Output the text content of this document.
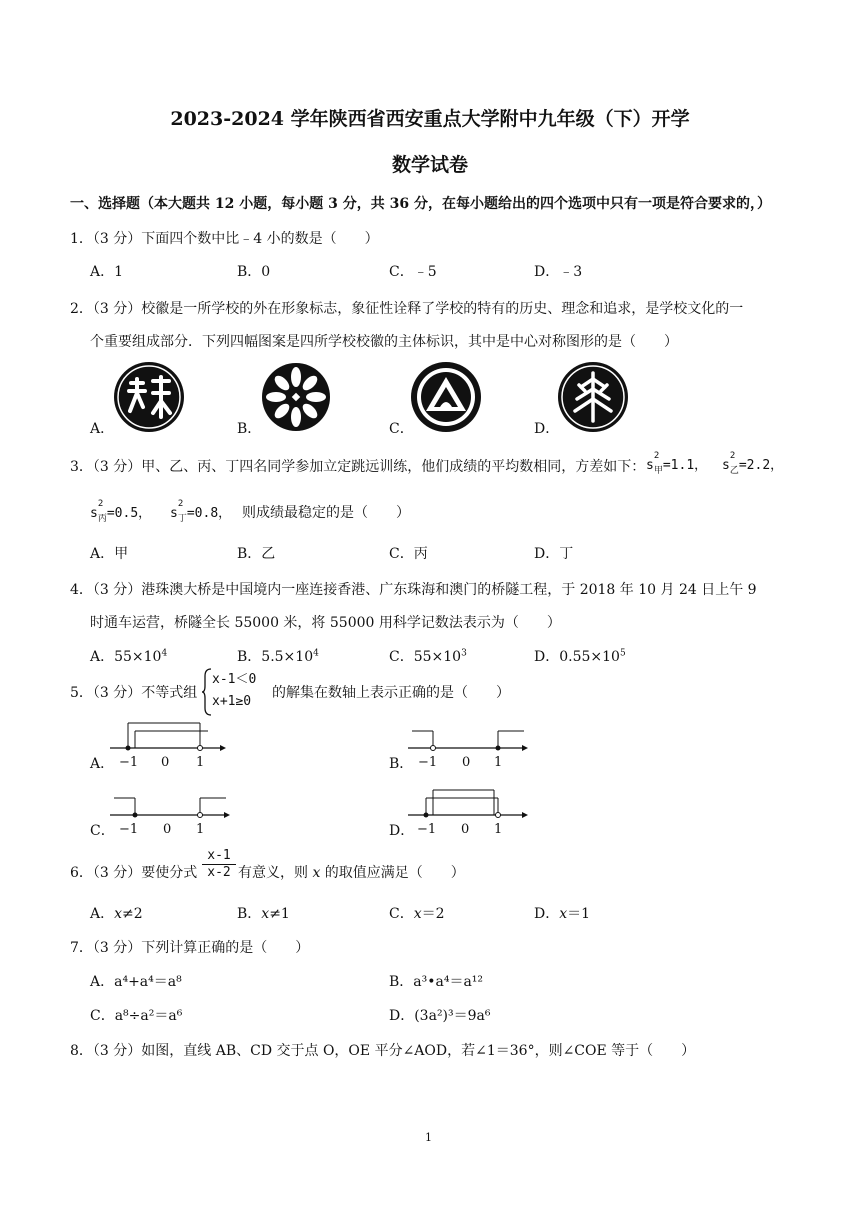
2023-2024 学年陕西省西安重点大学附中九年级（下）开学
数学试卷
一、选择题（本大题共 12 小题，每小题 3 分，共 36 分，在每小题给出的四个选项中只有一项是符合要求的，）
1．（3 分）下面四个数中比﹣4 小的数是（　　）
A．1	B．0	C．﹣5	D．﹣3
2．（3 分）校徽是一所学校的外在形象标志，象征性诠释了学校的特有的历史、理念和追求，是学校文化的一
个重要组成部分．下列四幅图案是四所学校校徽的主体标识，其中是中心对称图形的是（　　）
A．	B．	C．	D．
3．（3 分）甲、乙、丙、丁四名同学参加立定跳远训练，他们成绩的平均数相同，方差如下： s
2
$_甲$=1.1， s
2
$_乙$=2.2，
s
2
$_丙$=0.5， s
2
$_丁$=0.8， 则成绩最稳定的是（　　）
A．甲	B．乙	C．丙	D．丁
4．（3 分）港珠澳大桥是中国境内一座连接香港、广东珠海和澳门的桥隧工程，于 2018 年 10 月 24 日上午 9
时通车运营，桥隧全长 55000 米，将 55000 用科学记数法表示为（　　）
A．$55\times 10^4$	B．$5.5\times 10^4$	C．$55\times 10^3$	D．$0.55\times 10^5$
5．（3 分）不等式组
x-1＜0
x+1≥0
的解集在数轴上表示正确的是（　　）
A． −1 0 1	B． −1 0 1
C． −1 0 1	D． −1 0 1
6．（3 分）要使分式 $\frac{x-1}{x-2}$ 有意义，则 x 的取值应满足（　　）
A．x≠2	B．x≠1	C．x＝2	D．x＝1
7．（3 分）下列计算正确的是（　　）
A．a⁴+a⁴＝a⁸	B．a³•a⁴＝a¹²
C．a⁸÷a²＝a⁶	D．(3a²)³＝9a⁶
8．（3 分）如图，直线 AB、CD 交于点 O，OE 平分∠AOD，若∠1＝36°，则∠COE 等于（　　）
1
